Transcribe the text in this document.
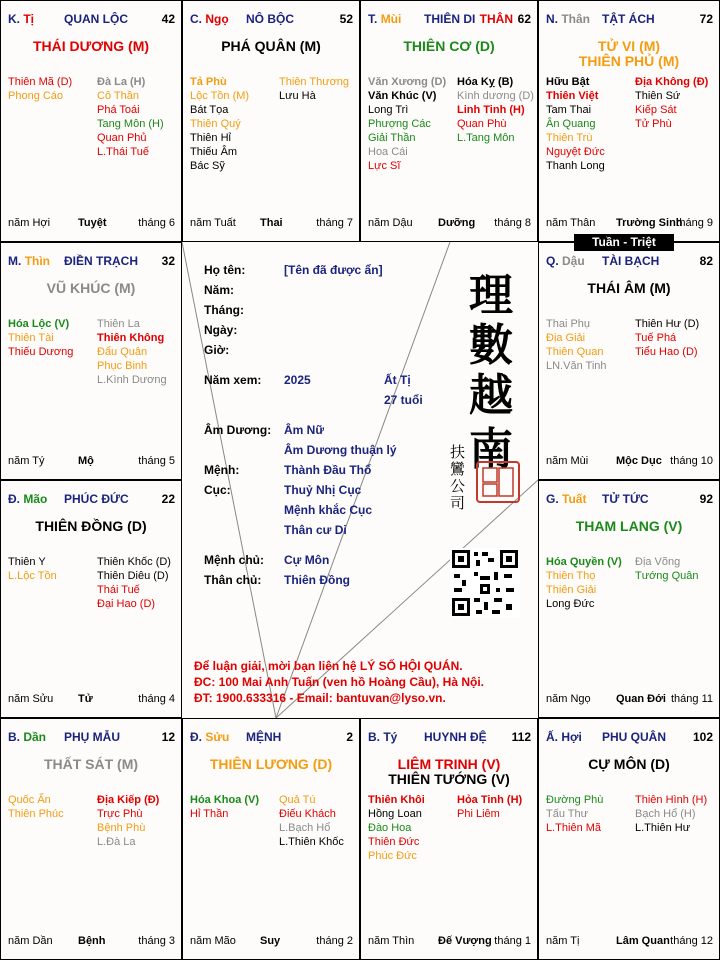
K. Tị QUAN LỘC	42
THÁI DƯƠNG (M)
Thiên Mã (D)
Phong Cáo
Đà La (H)
Cô Thần
Phá Toái
Tang Môn (H)
Quan Phủ
L.Thái Tuế
năm Hợi	Tuyệt	tháng 6
C. Ngọ NÔ BỘC	52
PHÁ QUÂN (M)
Tả Phù
Lộc Tồn (M)
Bát Tọa
Thiên Quý
Thiên Hỉ
Thiếu Âm
Bác Sỹ
Thiên Thương
Lưu Hà
năm Tuất Thai	tháng 7
T. Mùi THIÊN DI THÂN 62
THIÊN CƠ (D)
Văn Xương (D)
Văn Khúc (V)
Long Trì
Phượng Các
Giải Thần
Hoa Cái
Lực Sĩ
Hóa Kỵ (B)
Kình dương (D)
Linh Tinh (H)
Quan Phù
L.Tang Môn
năm Dậu Dưỡng tháng 8
N. Thân TẬT ÁCH	72
TỬ VI (M)
THIÊN PHỦ (M)
Hữu Bật
Thiên Việt
Tam Thai
Ân Quang
Thiên Trù
Nguyệt Đức
Thanh Long
Địa Không (Đ)
Thiên Sứ
Kiếp Sát
Tử Phù
năm Thân Trường Sinh
tháng 9
M. Thìn ĐIỀN TRẠCH 32
VŨ KHÚC (M)
Hóa Lộc (V)
Thiên Tài
Thiếu Dương
Thiên La
Thiên Không
Đẩu Quân
Phục Binh
L.Kình Dương
năm Tý	Mộ	tháng 5
Q. Dậu TÀI BẠCH	82
THÁI ÂM (M)
Thai Phụ
Địa Giải
Thiên Quan
LN.Văn Tinh
Thiên Hư (D)
Tuế Phá
Tiểu Hao (D)
năm Mùi	Mộc Dục tháng 10
Đ. Mão PHÚC ĐỨC	22
THIÊN ĐỒNG (D)
Thiên Y
L.Lộc Tồn
Thiên Khốc (D)
Thiên Diêu (D)
Thái Tuế
Đại Hao (D)
năm Sửu Tử	tháng 4
G. Tuất TỬ TỨC	92
THAM LANG (V)
Hóa Quyền (V)
Thiên Thọ
Thiên Giải
Long Đức
Địa Võng
Tướng Quân
năm Ngọ Quan Đới tháng 11
B. Dần PHỤ MẪU	12
THẤT SÁT (M)
Quốc Ấn
Thiên Phúc
Địa Kiếp (Đ)
Trực Phù
Bệnh Phù
L.Đà La
năm Dần Bệnh	tháng 3
Đ. Sửu MỆNH	2
THIÊN LƯƠNG (D)
Hóa Khoa (V)
Hỉ Thần
Quả Tú
Điếu Khách
L.Bạch Hổ
L.Thiên Khốc
năm Mão Suy	tháng 2
B. Tý HUYNH ĐỆ 112
LIÊM TRINH (V)
THIÊN TƯỚNG (V)
Thiên Khôi
Hồng Loan
Đào Hoa
Thiên Đức
Phúc Đức
Hỏa Tinh (H)
Phi Liêm
năm Thìn Đế Vượng tháng 1
Ấ. Hợi PHU QUÂN 102
CỰ MÔN (D)
Đường Phù
Tấu Thư
L.Thiên Mã
Thiên Hình (H)
Bạch Hổ (H)
L.Thiên Hư
năm Tị	Lâm Quan tháng 12
Tuần - Triệt
Họ tên:	[Tên đã được ẩn]
Năm:
Tháng:
Ngày:
Giờ:
Năm xem: 2025	Ất Tị
27 tuổi
Âm Dương: Âm Nữ
Âm Dương thuận lý
Mệnh:	Thành Đầu Thổ
Cục:	Thuỷ Nhị Cục
Mệnh khắc Cục
Thân cư Di
Mệnh chủ: Cự Môn
Thân chủ: Thiên Đồng
理
數
越
南
扶鸞公司
Để luận giải, mời bạn liên hệ LÝ SỐ HỘI QUÁN.
ĐC: 100 Mai Anh Tuấn (ven hồ Hoàng Cầu), Hà Nội.
ĐT: 1900.633316 - Email: bantuvan@lyso.vn.
